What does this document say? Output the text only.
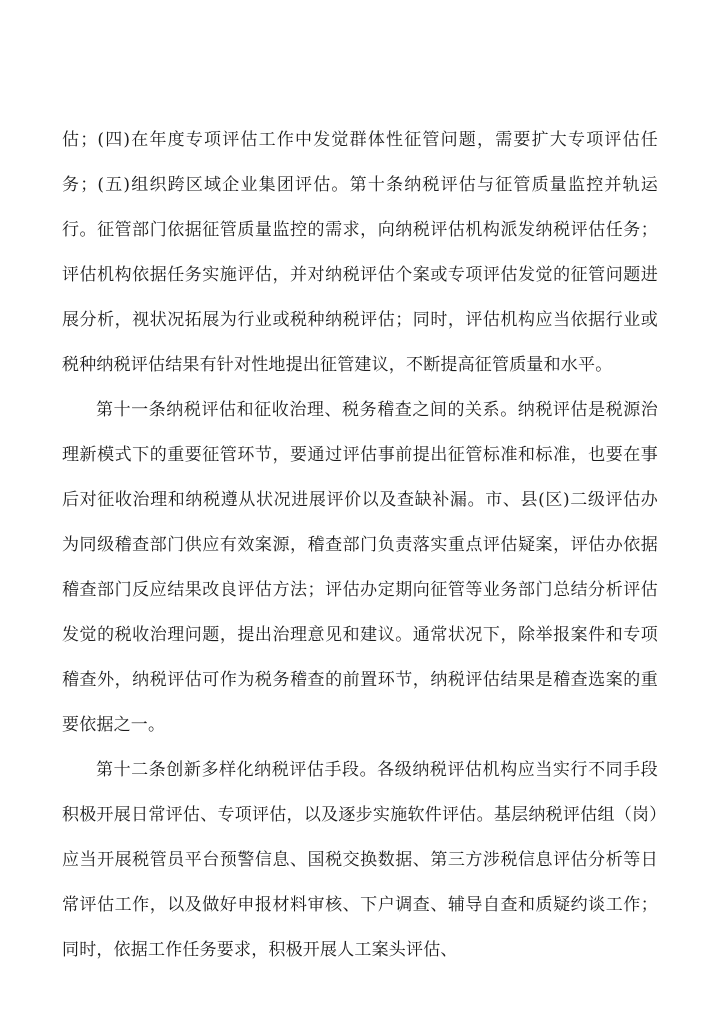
估；(四)在年度专项评估工作中发觉群体性征管问题，需要扩大专项评估任务；(五)组织跨区域企业集团评估。第十条纳税评估与征管质量监控并轨运行。征管部门依据征管质量监控的需求，向纳税评估机构派发纳税评估任务；评估机构依据任务实施评估，并对纳税评估个案或专项评估发觉的征管问题进展分析，视状况拓展为行业或税种纳税评估；同时，评估机构应当依据行业或税种纳税评估结果有针对性地提出征管建议，不断提高征管质量和水平。

第十一条纳税评估和征收治理、税务稽查之间的关系。纳税评估是税源治理新模式下的重要征管环节，要通过评估事前提出征管标准和标准，也要在事后对征收治理和纳税遵从状况进展评价以及查缺补漏。市、县(区)二级评估办为同级稽查部门供应有效案源，稽查部门负责落实重点评估疑案，评估办依据稽查部门反应结果改良评估方法；评估办定期向征管等业务部门总结分析评估发觉的税收治理问题，提出治理意见和建议。通常状况下，除举报案件和专项稽查外，纳税评估可作为税务稽查的前置环节，纳税评估结果是稽查选案的重要依据之一。

第十二条创新多样化纳税评估手段。各级纳税评估机构应当实行不同手段积极开展日常评估、专项评估，以及逐步实施软件评估。基层纳税评估组（岗）应当开展税管员平台预警信息、国税交换数据、第三方涉税信息评估分析等日常评估工作，以及做好申报材料审核、下户调查、辅导自查和质疑约谈工作；同时，依据工作任务要求，积极开展人工案头评估、
